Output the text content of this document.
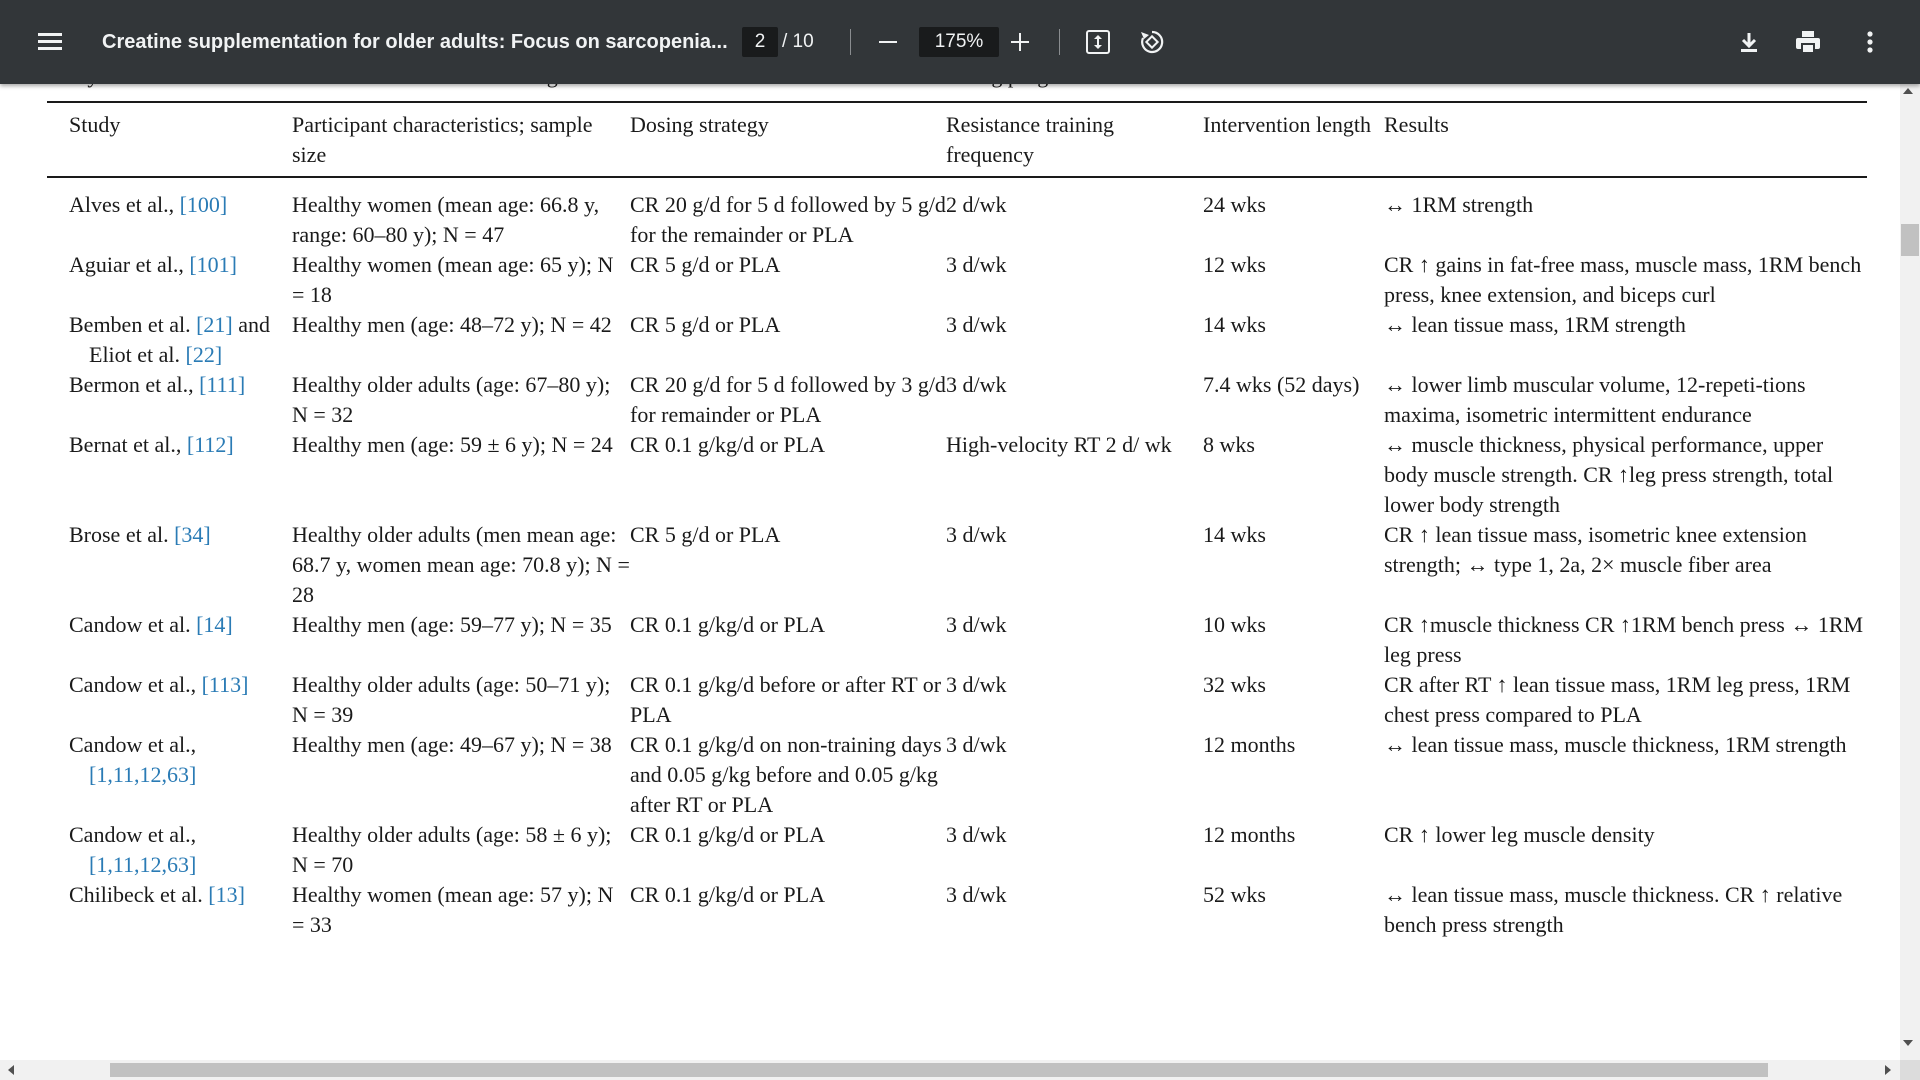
Study	Participant characteristics; sample size	Dosing strategy	Resistance training frequency	Intervention length	Results

Alves et al., [100]	Healthy women (mean age: 66.8 y, range: 60–80 y); N = 47	CR 20 g/d for 5 d followed by 5 g/d for the remainder or PLA	2 d/wk	24 wks	↔ 1RM strength

Aguiar et al., [101]	Healthy women (mean age: 65 y); N = 18	CR 5 g/d or PLA	3 d/wk	12 wks	CR ↑ gains in fat-free mass, muscle mass, 1RM bench press, knee extension, and biceps curl

Bemben et al. [21] and Eliot et al. [22]	Healthy men (age: 48–72 y); N = 42	CR 5 g/d or PLA	3 d/wk	14 wks	↔ lean tissue mass, 1RM strength

Bermon et al., [111]	Healthy older adults (age: 67–80 y); N = 32	CR 20 g/d for 5 d followed by 3 g/d for remainder or PLA	3 d/wk	7.4 wks (52 days)	↔ lower limb muscular volume, 12-repeti-tions maxima, isometric intermittent endurance

Bernat et al., [112]	Healthy men (age: 59 ± 6 y); N = 24	CR 0.1 g/kg/d or PLA	High-velocity RT 2 d/ wk	8 wks	↔ muscle thickness, physical performance, upper body muscle strength. CR ↑leg press strength, total lower body strength

Brose et al. [34]	Healthy older adults (men mean age: 68.7 y, women mean age: 70.8 y); N = 28	CR 5 g/d or PLA	3 d/wk	14 wks	CR ↑ lean tissue mass, isometric knee extension strength; ↔ type 1, 2a, 2× muscle fiber area

Candow et al. [14]	Healthy men (age: 59–77 y); N = 35	CR 0.1 g/kg/d or PLA	3 d/wk	10 wks	CR ↑muscle thickness CR ↑1RM bench press ↔ 1RM leg press

Candow et al., [113]	Healthy older adults (age: 50–71 y); N = 39	CR 0.1 g/kg/d before or after RT or PLA	3 d/wk	32 wks	CR after RT ↑ lean tissue mass, 1RM leg press, 1RM chest press compared to PLA

Candow et al., [1,11,12,63]	Healthy men (age: 49–67 y); N = 38	CR 0.1 g/kg/d on non-training days and 0.05 g/kg before and 0.05 g/kg after RT or PLA	3 d/wk	12 months	↔ lean tissue mass, muscle thickness, 1RM strength

Candow et al., [1,11,12,63]	Healthy older adults (age: 58 ± 6 y); N = 70	CR 0.1 g/kg/d or PLA	3 d/wk	12 months	CR ↑ lower leg muscle density

Chilibeck et al. [13]	Healthy women (mean age: 57 y); N = 33	CR 0.1 g/kg/d or PLA	3 d/wk	52 wks	↔ lean tissue mass, muscle thickness. CR ↑ relative bench press strength
Creatine supplementation for older adults: Focus on sarcopenia...	2 / 10	175%
